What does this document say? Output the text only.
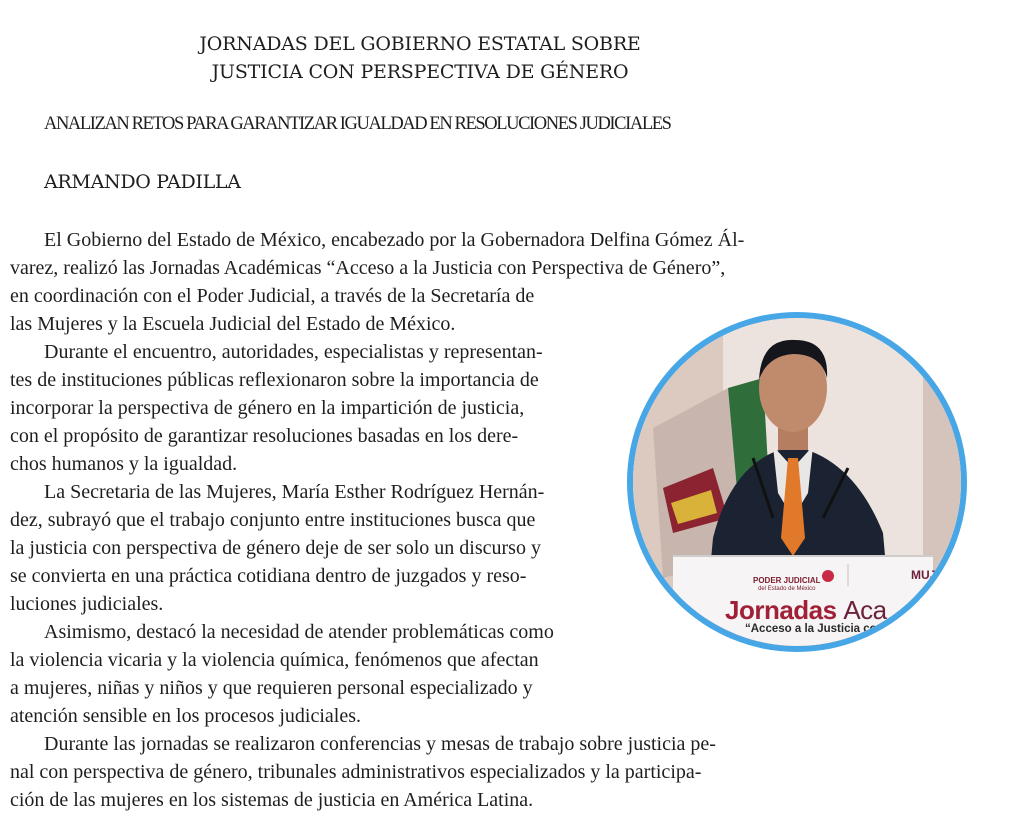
JORNADAS DEL GOBIERNO ESTATAL SOBRE
JUSTICIA CON PERSPECTIVA DE GÉNERO
ANALIZAN RETOS PARA GARANTIZAR IGUALDAD EN RESOLUCIONES JUDICIALES
ARMANDO PADILLA
El Gobierno del Estado de México, encabezado por la Gobernadora Delfina Gómez Ál-
varez, realizó las Jornadas Académicas “Acceso a la Justicia con Perspectiva de Género”,
en coordinación con el Poder Judicial, a través de la Secretaría de
las Mujeres y la Escuela Judicial del Estado de México.
Durante el encuentro, autoridades, especialistas y representan-
tes de instituciones públicas reflexionaron sobre la importancia de
incorporar la perspectiva de género en la impartición de justicia,
con el propósito de garantizar resoluciones basadas en los dere-
chos humanos y la igualdad.
La Secretaria de las Mujeres, María Esther Rodríguez Hernán-
dez, subrayó que el trabajo conjunto entre instituciones busca que
la justicia con perspectiva de género deje de ser solo un discurso y
se convierta en una práctica cotidiana dentro de juzgados y reso-
luciones judiciales.
Asimismo, destacó la necesidad de atender problemáticas como
la violencia vicaria y la violencia química, fenómenos que afectan
a mujeres, niñas y niños y que requieren personal especializado y
atención sensible en los procesos judiciales.
Durante las jornadas se realizaron conferencias y mesas de trabajo sobre justicia pe-
nal con perspectiva de género, tribunales administrativos especializados y la participa-
ción de las mujeres en los sistemas de justicia en América Latina.
PODER JUDICIAL
del Estado de México
MUJE
Jornadas Aca
“Acceso a la Justicia con
